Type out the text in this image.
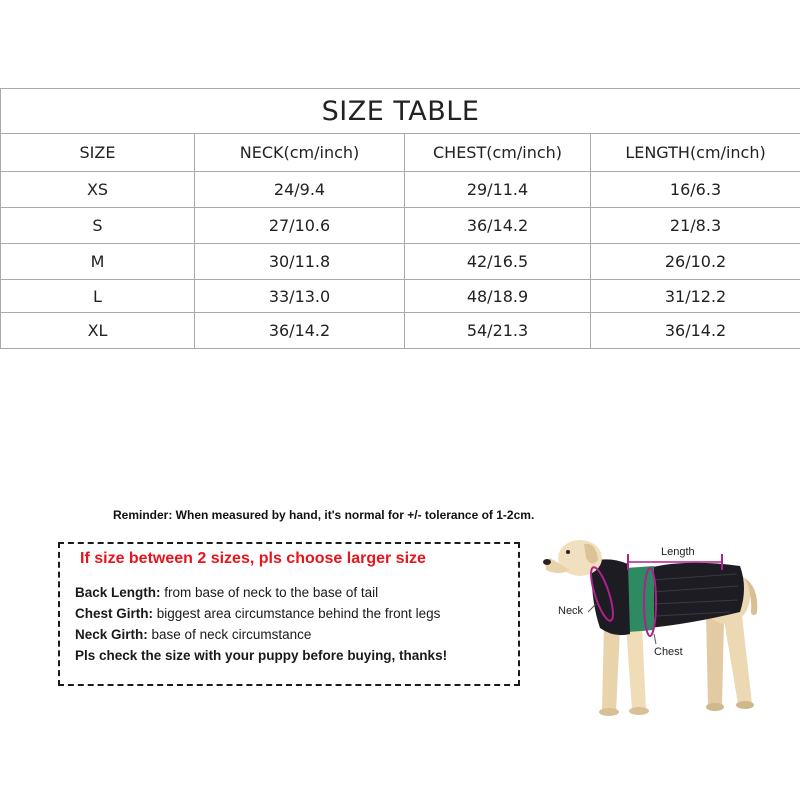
SIZE TABLE			
SIZE	NECK(cm/inch)	CHEST(cm/inch)	LENGTH(cm/inch)
XS	24/9.4	29/11.4	16/6.3
S	27/10.6	36/14.2	21/8.3
M	30/11.8	42/16.5	26/10.2
L	33/13.0	48/18.9	31/12.2
XL	36/14.2	54/21.3	36/14.2
Reminder: When measured by hand, it's normal for +/- tolerance of 1-2cm.
If size between 2 sizes, pls choose larger size
Back Length: from base of neck to the base of tail
Chest Girth: biggest area circumstance behind the front legs
Neck Girth: base of neck circumstance
Pls check the size with your puppy before buying, thanks!
Length
Neck
Chest
